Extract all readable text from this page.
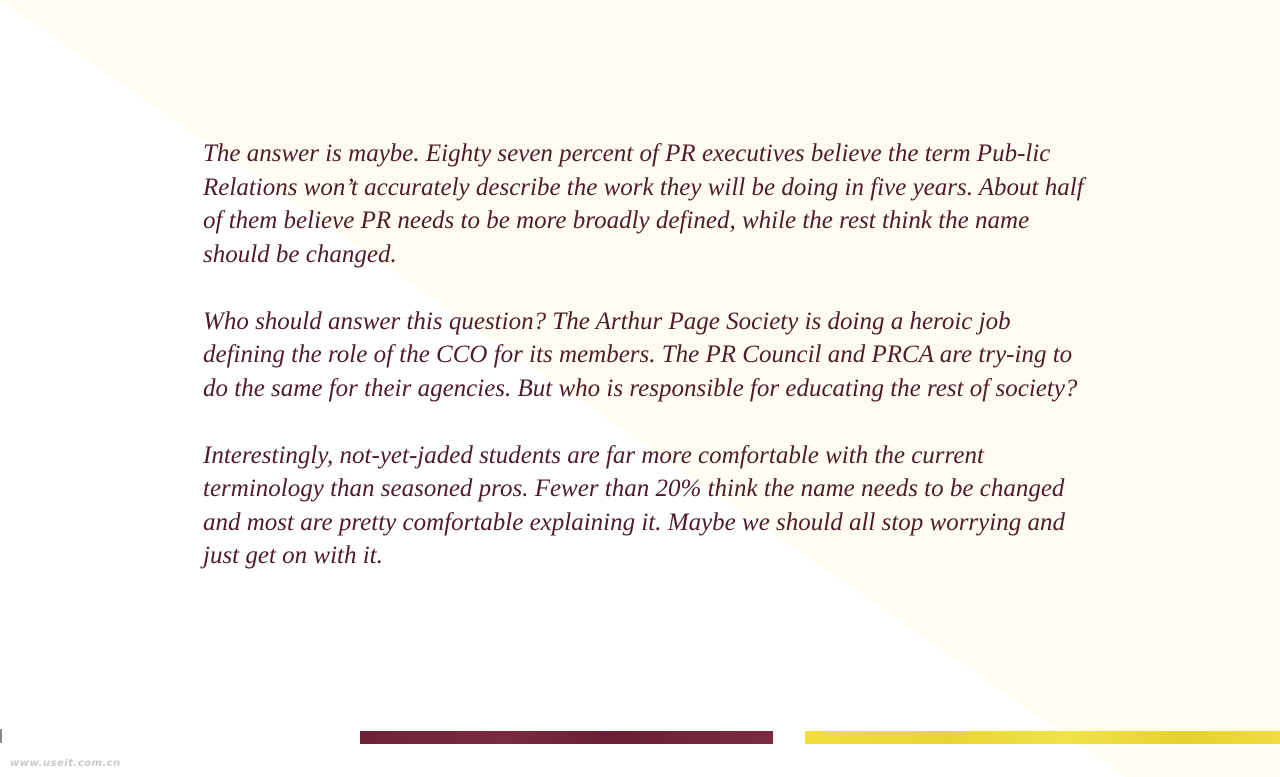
The answer is maybe. Eighty seven percent of PR executives believe the term Pub-lic Relations won’t accurately describe the work they will be doing in five years. About half of them believe PR needs to be more broadly defined, while the rest think the name should be changed.

Who should answer this question? The Arthur Page Society is doing a heroic job defining the role of the CCO for its members. The PR Council and PRCA are try-ing to do the same for their agencies. But who is responsible for educating the rest of society?

Interestingly, not-yet-jaded students are far more comfortable with the current terminology than seasoned pros. Fewer than 20% think the name needs to be changed and most are pretty comfortable explaining it. Maybe we should all stop worrying and just get on with it.

www.useit.com.cn
